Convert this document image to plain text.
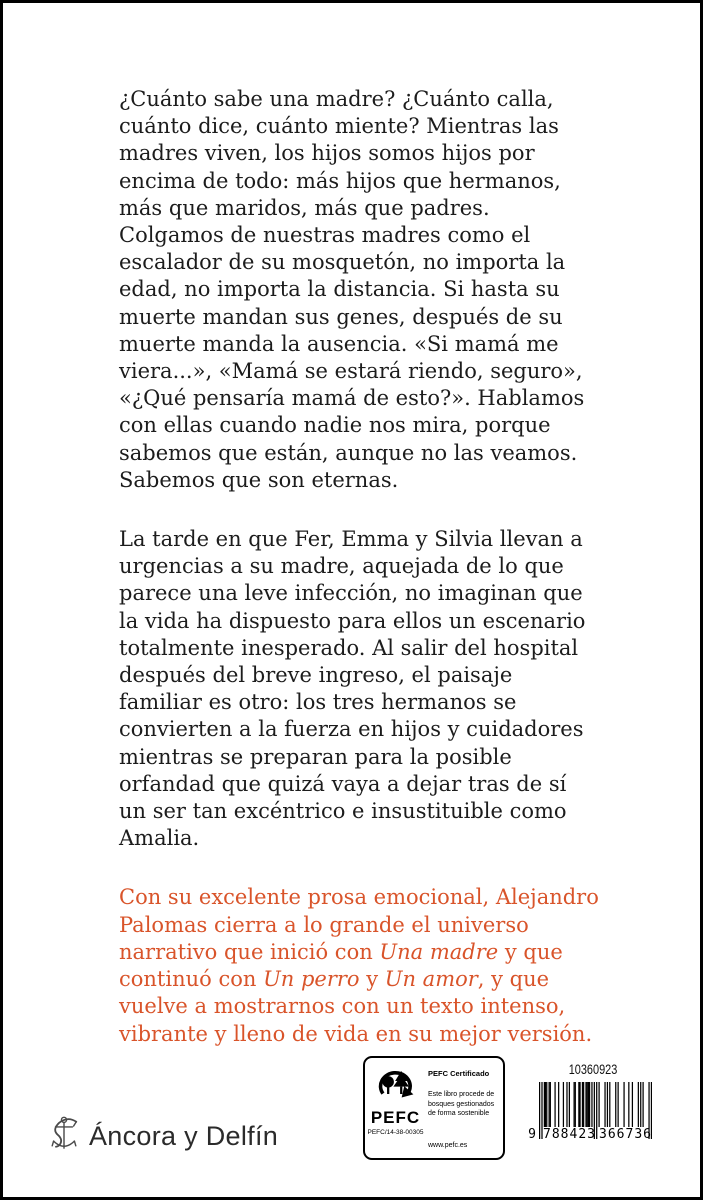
¿Cuánto sabe una madre? ¿Cuánto calla, cuánto dice, cuánto miente? Mientras las madres viven, los hijos somos hijos por encima de todo: más hijos que hermanos, más que maridos, más que padres. Colgamos de nuestras madres como el escalador de su mosquetón, no importa la edad, no importa la distancia. Si hasta su muerte mandan sus genes, después de su muerte manda la ausencia. «Si mamá me viera...», «Mamá se estará riendo, seguro», «¿Qué pensaría mamá de esto?». Hablamos con ellas cuando nadie nos mira, porque sabemos que están, aunque no las veamos. Sabemos que son eternas.

La tarde en que Fer, Emma y Silvia llevan a urgencias a su madre, aquejada de lo que parece una leve infección, no imaginan que la vida ha dispuesto para ellos un escenario totalmente inesperado. Al salir del hospital después del breve ingreso, el paisaje familiar es otro: los tres hermanos se convierten a la fuerza en hijos y cuidadores mientras se preparan para la posible orfandad que quizá vaya a dejar tras de sí un ser tan excéntrico e insustituible como Amalia.

Con su excelente prosa emocional, Alejandro Palomas cierra a lo grande el universo narrativo que inició con Una madre y que continuó con Un perro y Un amor, y que vuelve a mostrarnos con un texto intenso, vibrante y lleno de vida en su mejor versión.

Áncora y Delfín
PEFC
PEFC/14-38-00305
PEFC Certificado
Este libro procede de bosques gestionados de forma sostenible
www.pefc.es
10360923
9 788423 366736
